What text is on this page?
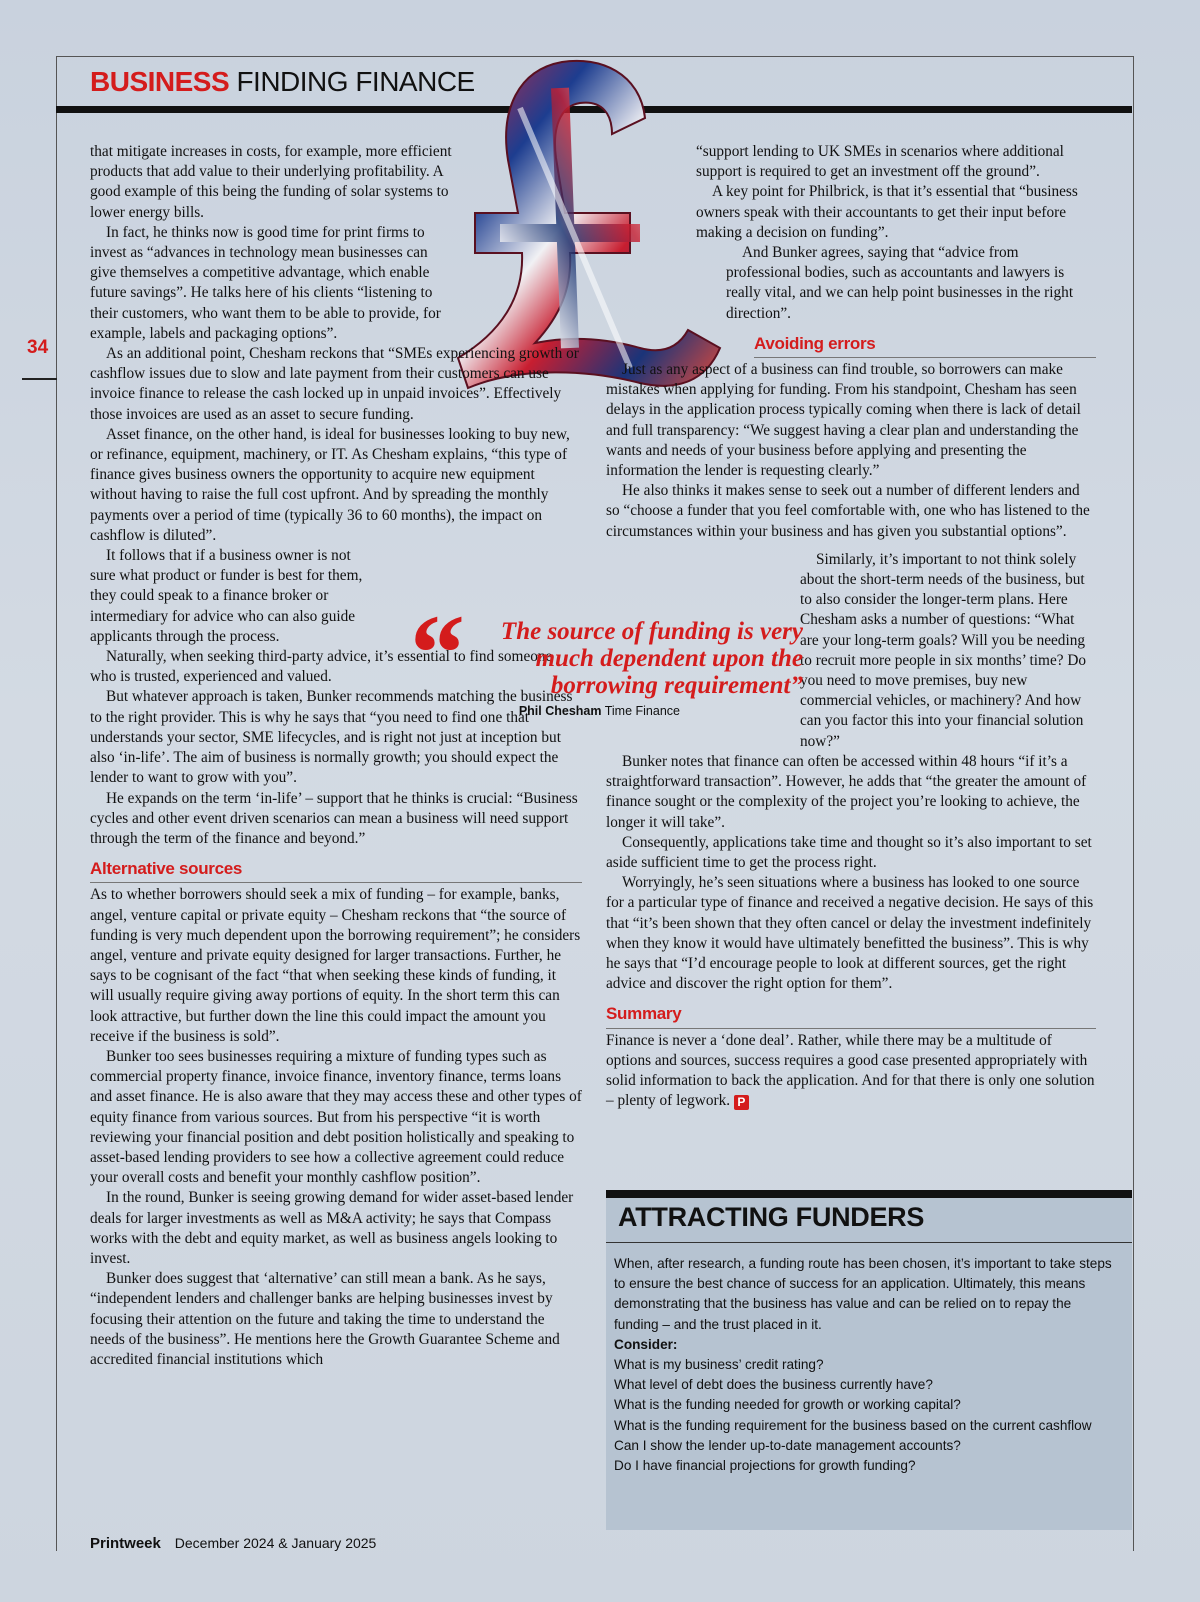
BUSINESS FINDING FINANCE
34

that mitigate increases in costs, for example, more efficient products that add value to their underlying profitability. A good example of this being the funding of solar systems to lower energy bills.

In fact, he thinks now is good time for print firms to invest as “advances in technology mean businesses can give themselves a competitive advantage, which enable future savings”. He talks here of his clients “listening to their customers, who want them to be able to provide, for example, labels and packaging options”.

As an additional point, Chesham reckons that “SMEs experiencing growth or cashflow issues due to slow and late payment from their customers can use invoice finance to release the cash locked up in unpaid invoices”. Effectively those invoices are used as an asset to secure funding.

Asset finance, on the other hand, is ideal for businesses looking to buy new, or refinance, equipment, machinery, or IT. As Chesham explains, “this type of finance gives business owners the opportunity to acquire new equipment without having to raise the full cost upfront. And by spreading the monthly payments over a period of time (typically 36 to 60 months), the impact on cashflow is diluted”.

It follows that if a business owner is not sure what product or funder is best for them, they could speak to a finance broker or intermediary for advice who can also guide applicants through the process.

Naturally, when seeking third-party advice, it’s essential to find someone who is trusted, experienced and valued.

But whatever approach is taken, Bunker recommends matching the business to the right provider. This is why he says that “you need to find one that understands your sector, SME lifecycles, and is right not just at inception but also ‘in-life’. The aim of business is normally growth; you should expect the lender to want to grow with you”.

He expands on the term ‘in-life’ – support that he thinks is crucial: “Business cycles and other event driven scenarios can mean a business will need support through the term of the finance and beyond.”

Alternative sources

As to whether borrowers should seek a mix of funding – for example, banks, angel, venture capital or private equity – Chesham reckons that “the source of funding is very much dependent upon the borrowing requirement”; he considers angel, venture and private equity designed for larger transactions. Further, he says to be cognisant of the fact “that when seeking these kinds of funding, it will usually require giving away portions of equity. In the short term this can look attractive, but further down the line this could impact the amount you receive if the business is sold”.

Bunker too sees businesses requiring a mixture of funding types such as commercial property finance, invoice finance, inventory finance, terms loans and asset finance. He is also aware that they may access these and other types of equity finance from various sources. But from his perspective “it is worth reviewing your financial position and debt position holistically and speaking to asset-based lending providers to see how a collective agreement could reduce your overall costs and benefit your monthly cashflow position”.

In the round, Bunker is seeing growing demand for wider asset-based lender deals for larger investments as well as M&A activity; he says that Compass works with the debt and equity market, as well as business angels looking to invest.

Bunker does suggest that ‘alternative’ can still mean a bank. As he says, “independent lenders and challenger banks are helping businesses invest by focusing their attention on the future and taking the time to understand the needs of the business”. He mentions here the Growth Guarantee Scheme and accredited financial institutions which

“support lending to UK SMEs in scenarios where additional support is required to get an investment off the ground”.

A key point for Philbrick, is that it’s essential that “business owners speak with their accountants to get their input before making a decision on funding”.

And Bunker agrees, saying that “advice from professional bodies, such as accountants and lawyers is really vital, and we can help point businesses in the right direction”.

Avoiding errors

Just as any aspect of a business can find trouble, so borrowers can make mistakes when applying for funding. From his standpoint, Chesham has seen delays in the application process typically coming when there is lack of detail and full transparency: “We suggest having a clear plan and understanding the wants and needs of your business before applying and presenting the information the lender is requesting clearly.”

He also thinks it makes sense to seek out a number of different lenders and so “choose a funder that you feel comfortable with, one who has listened to the circumstances within your business and has given you substantial options”.

Similarly, it’s important to not think solely about the short-term needs of the business, but to also consider the longer-term plans. Here Chesham asks a number of questions: “What are your long-term goals? Will you be needing to recruit more people in six months’ time? Do you need to move premises, buy new commercial vehicles, or machinery? And how can you factor this into your financial solution now?”

Bunker notes that finance can often be accessed within 48 hours “if it’s a straightforward transaction”. However, he adds that “the greater the amount of finance sought or the complexity of the project you’re looking to achieve, the longer it will take”.

Consequently, applications take time and thought so it’s also important to set aside sufficient time to get the process right.

Worryingly, he’s seen situations where a business has looked to one source for a particular type of finance and received a negative decision. He says of this that “it’s been shown that they often cancel or delay the investment indefinitely when they know it would have ultimately benefitted the business”. This is why he says that “I’d encourage people to look at different sources, get the right advice and discover the right option for them”.

Summary

Finance is never a ‘done deal’. Rather, while there may be a multitude of options and sources, success requires a good case presented appropriately with solid information to back the application. And for that there is only one solution – plenty of legwork. P

“	The source of funding is very much dependent upon the borrowing requirement”
Phil Chesham Time Finance
ATTRACTING FUNDERS

When, after research, a funding route has been chosen, it’s important to take steps to ensure the best chance of success for an application. Ultimately, this means demonstrating that the business has value and can be relied on to repay the funding – and the trust placed in it.

Consider:

What is my business’ credit rating?

What level of debt does the business currently have?

What is the funding needed for growth or working capital?

What is the funding requirement for the business based on the current cashflow

Can I show the lender up-to-date management accounts?

Do I have financial projections for growth funding?

Printweek December 2024 & January 2025
